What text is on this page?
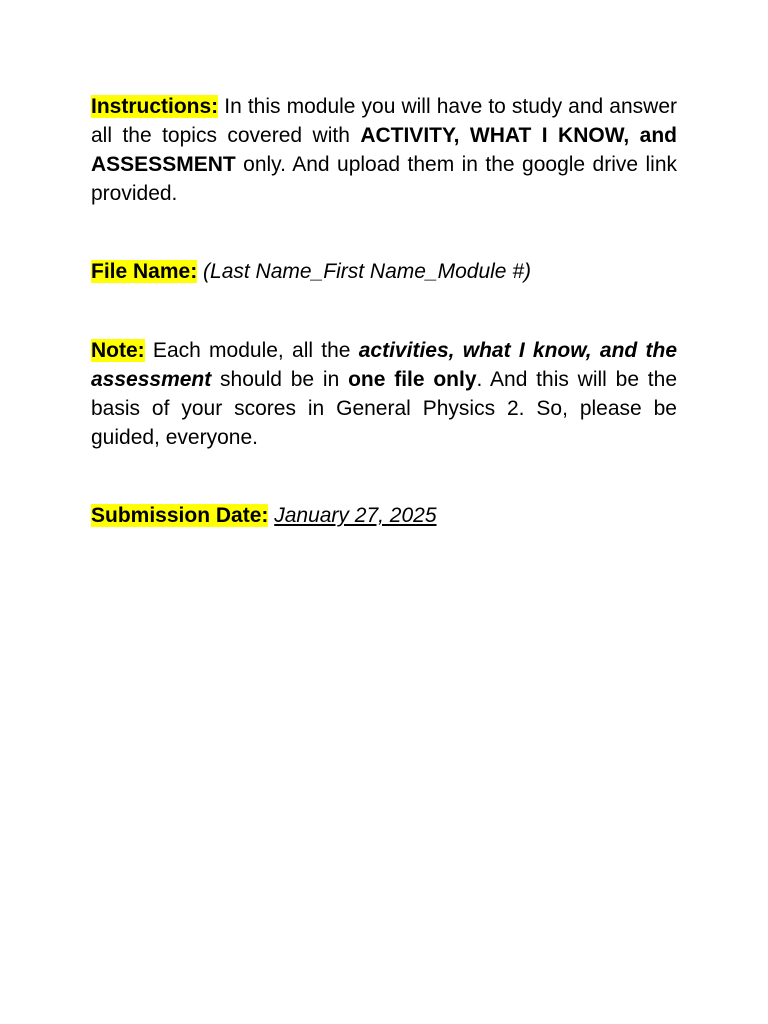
Instructions: In this module you will have to study and answer all the topics covered with ACTIVITY, WHAT I KNOW, and ASSESSMENT only. And upload them in the google drive link provided.

File Name: (Last Name_First Name_Module #)

Note: Each module, all the activities, what I know, and the assessment should be in one file only. And this will be the basis of your scores in General Physics 2. So, please be guided, everyone.

Submission Date: January 27, 2025
